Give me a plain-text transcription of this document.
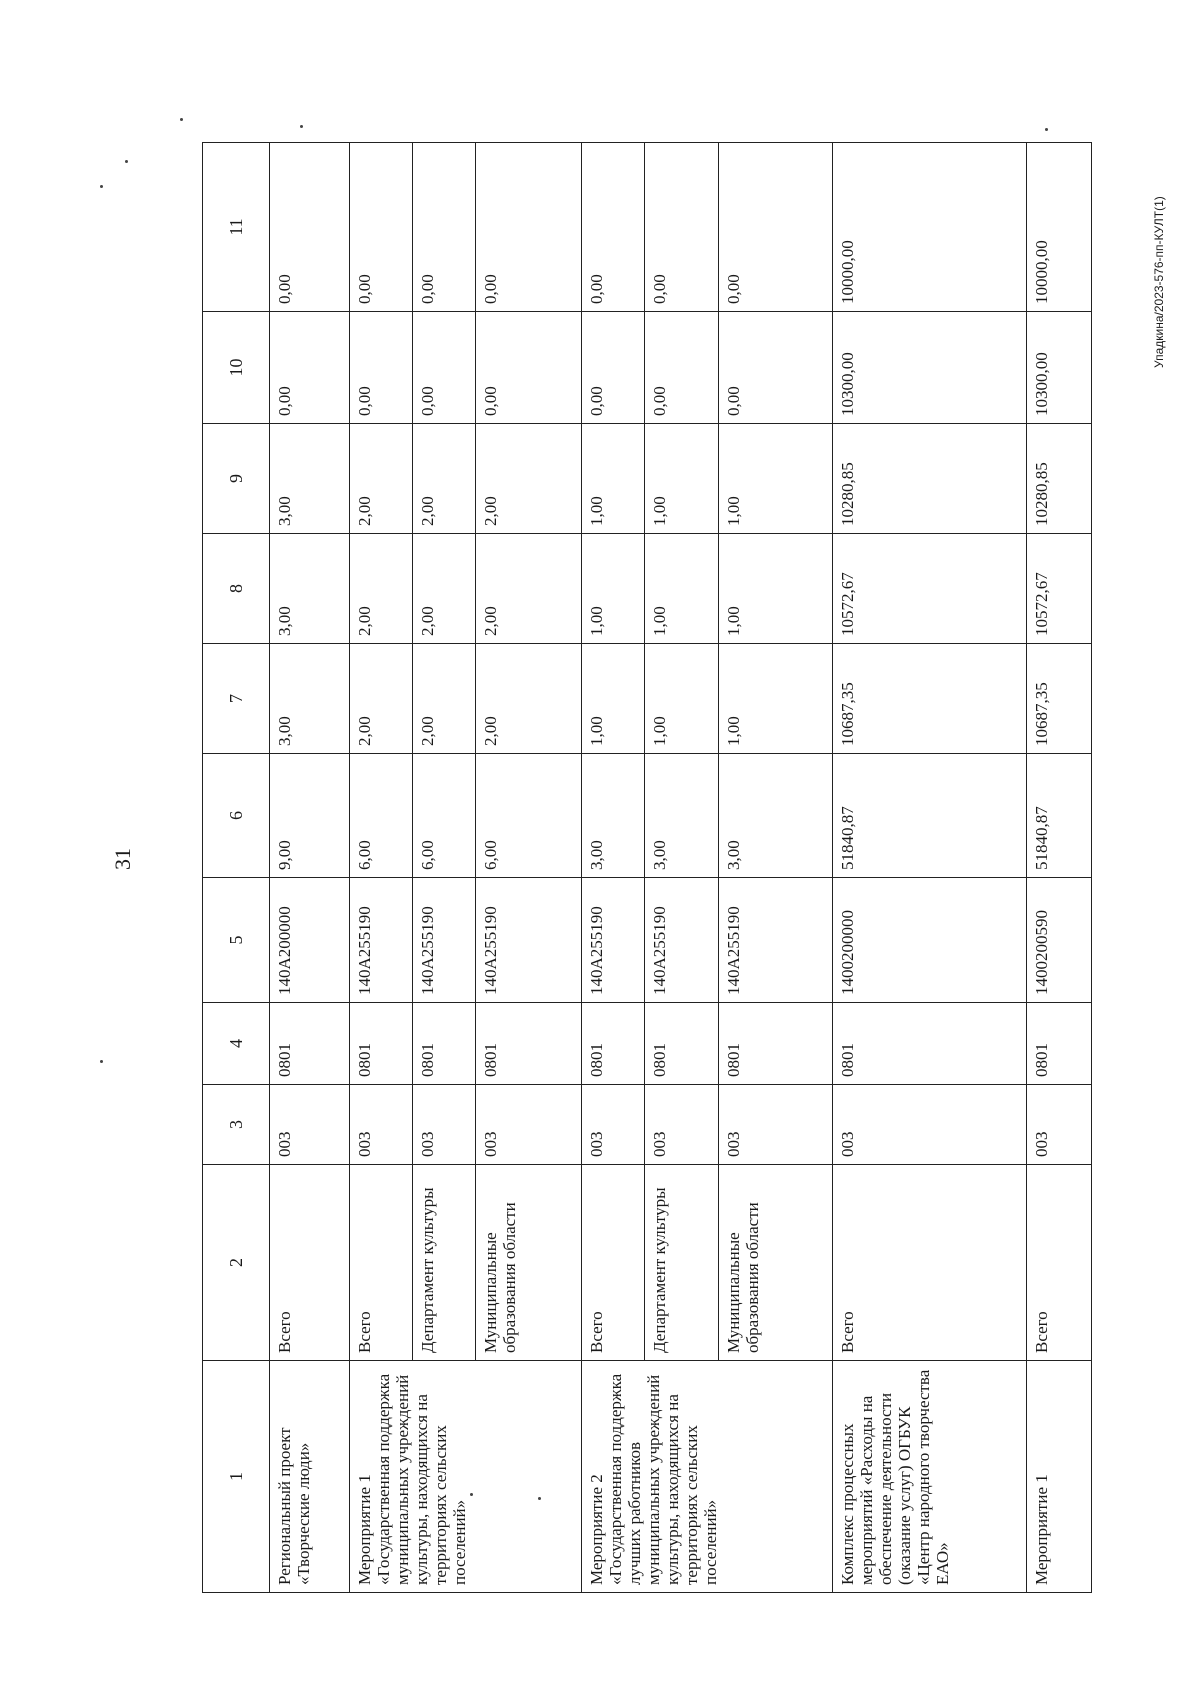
31
Упадкина/2023-576-пп-КУЛТ(1)
1	2	3	4	5	6	7	8	9	10	11
Региональный проект «Творческие люди»	Всего	003	0801	140А200000	9,00	3,00	3,00	3,00	0,00	0,00
Мероприятие 1 «Государственная поддержка муниципальных учреждений культуры, находящихся на территориях сельских поселений»	Всего	003	0801	140А255190	6,00	2,00	2,00	2,00	0,00	0,00
	Департамент культуры	003	0801	140А255190	6,00	2,00	2,00	2,00	0,00	0,00
	Муниципальные образования области	003	0801	140А255190	6,00	2,00	2,00	2,00	0,00	0,00
Мероприятие 2 «Государственная поддержка лучших работников муниципальных учреждений культуры, находящихся на территориях сельских поселений»	Всего	003	0801	140А255190	3,00	1,00	1,00	1,00	0,00	0,00
	Департамент культуры	003	0801	140А255190	3,00	1,00	1,00	1,00	0,00	0,00
	Муниципальные образования области	003	0801	140А255190	3,00	1,00	1,00	1,00	0,00	0,00
Комплекс процессных мероприятий «Расходы на обеспечение деятельности (оказание услуг) ОГБУК «Центр народного творчества ЕАО»	Всего	003	0801	1400200000	51840,87	10687,35	10572,67	10280,85	10300,00	10000,00
Мероприятие 1	Всего	003	0801	1400200590	51840,87	10687,35	10572,67	10280,85	10300,00	10000,00
